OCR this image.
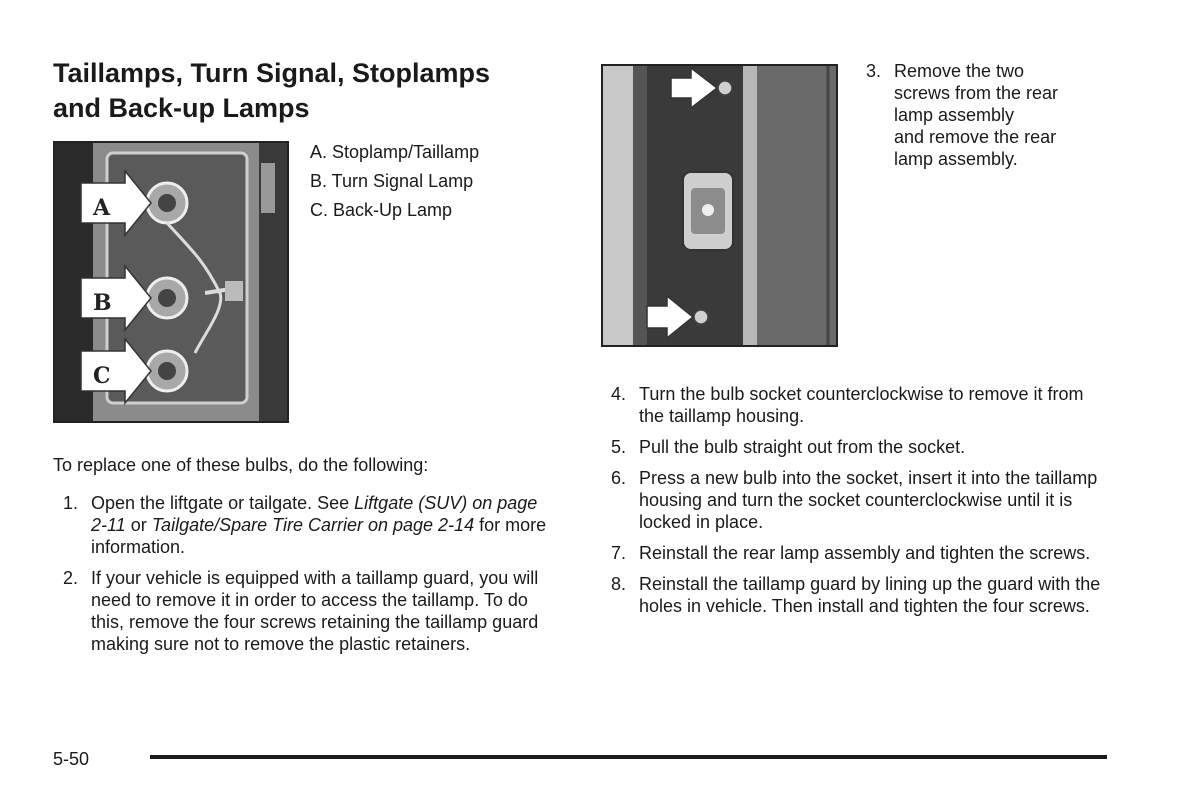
Taillamps, Turn Signal, Stoplamps
and Back-up Lamps
A
B
C
A. Stoplamp/Taillamp
B. Turn Signal Lamp
C. Back-Up Lamp

To replace one of these bulbs, do the following:

1. Open the liftgate or tailgate. See Liftgate (SUV) on page 2-11 or Tailgate/Spare Tire Carrier on page 2-14 for more information.
2. If your vehicle is equipped with a taillamp guard, you will need to remove it in order to access the taillamp. To do this, remove the four screws retaining the taillamp guard making sure not to remove the plastic retainers.
3. Remove the two
screws from the rear
lamp assembly
and remove the rear
lamp assembly.
4. Turn the bulb socket counterclockwise to remove it from the taillamp housing.
5. Pull the bulb straight out from the socket.
6. Press a new bulb into the socket, insert it into the taillamp housing and turn the socket counterclockwise until it is locked in place.
7. Reinstall the rear lamp assembly and tighten the screws.
8. Reinstall the taillamp guard by lining up the guard with the holes in vehicle. Then install and tighten the four screws.
5-50
